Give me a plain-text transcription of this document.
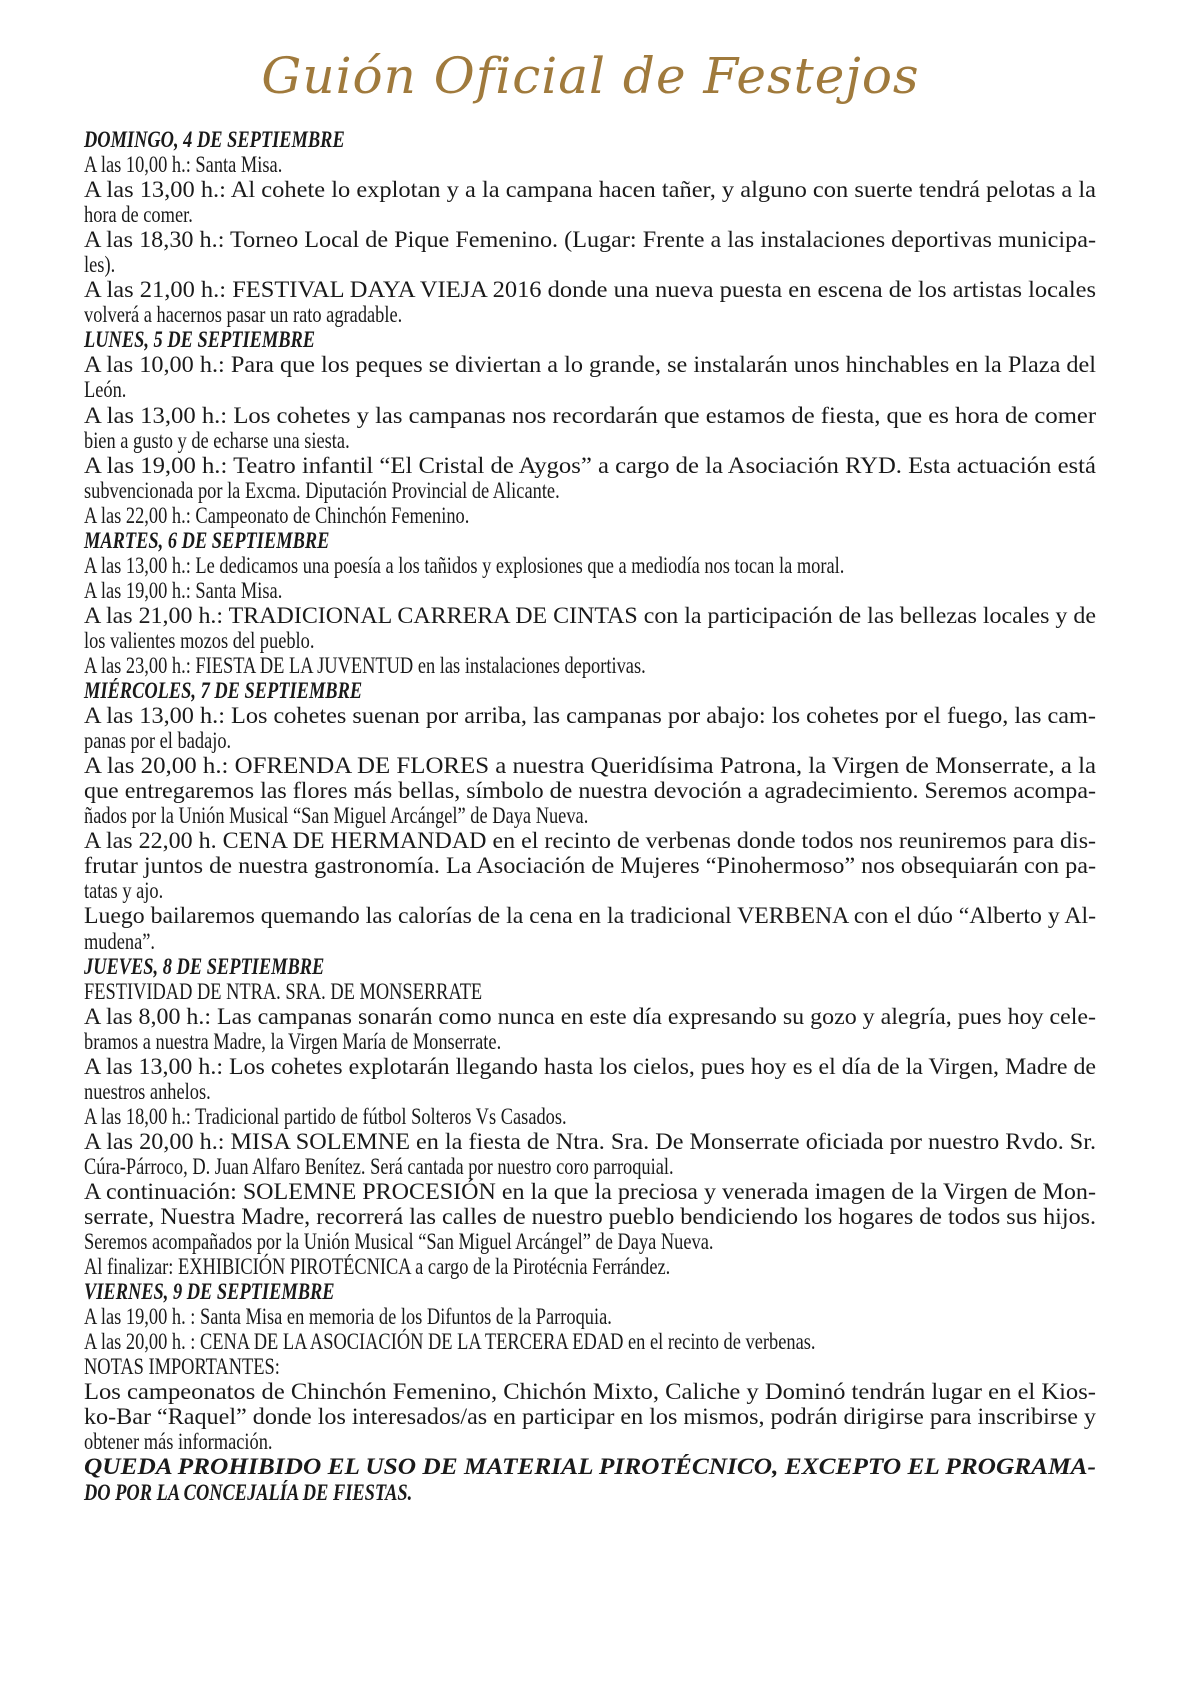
Guión Oficial de Festejos
DOMINGO, 4 DE SEPTIEMBRE
A las 10,00 h.: Santa Misa.
A las 13,00 h.: Al cohete lo explotan y a la campana hacen tañer, y alguno con suerte tendrá pelotas a la
hora de comer.
A las 18,30 h.: Torneo Local de Pique Femenino. (Lugar: Frente a las instalaciones deportivas municipa-
les).
A las 21,00 h.: FESTIVAL DAYA VIEJA 2016 donde una nueva puesta en escena de los artistas locales
volverá a hacernos pasar un rato agradable.
LUNES, 5 DE SEPTIEMBRE
A las 10,00 h.: Para que los peques se diviertan a lo grande, se instalarán unos hinchables en la Plaza del
León.
A las 13,00 h.: Los cohetes y las campanas nos recordarán que estamos de fiesta, que es hora de comer
bien a gusto y de echarse una siesta.
A las 19,00 h.: Teatro infantil “El Cristal de Aygos” a cargo de la Asociación RYD. Esta actuación está
subvencionada por la Excma. Diputación Provincial de Alicante.
A las 22,00 h.: Campeonato de Chinchón Femenino.
MARTES, 6 DE SEPTIEMBRE
A las 13,00 h.: Le dedicamos una poesía a los tañidos y explosiones que a mediodía nos tocan la moral.
A las 19,00 h.: Santa Misa.
A las 21,00 h.: TRADICIONAL CARRERA DE CINTAS con la participación de las bellezas locales y de
los valientes mozos del pueblo.
A las 23,00 h.: FIESTA DE LA JUVENTUD en las instalaciones deportivas.
MIÉRCOLES, 7 DE SEPTIEMBRE
A las 13,00 h.: Los cohetes suenan por arriba, las campanas por abajo: los cohetes por el fuego, las cam-
panas por el badajo.
A las 20,00 h.: OFRENDA DE FLORES a nuestra Queridísima Patrona, la Virgen de Monserrate, a la
que entregaremos las flores más bellas, símbolo de nuestra devoción a agradecimiento. Seremos acompa-
ñados por la Unión Musical “San Miguel Arcángel” de Daya Nueva.
A las 22,00 h. CENA DE HERMANDAD en el recinto de verbenas donde todos nos reuniremos para dis-
frutar juntos de nuestra gastronomía. La Asociación de Mujeres “Pinohermoso” nos obsequiarán con pa-
tatas y ajo.
Luego bailaremos quemando las calorías de la cena en la tradicional VERBENA con el dúo “Alberto y Al-
mudena”.
JUEVES, 8 DE SEPTIEMBRE
FESTIVIDAD DE NTRA. SRA. DE MONSERRATE
A las 8,00 h.: Las campanas sonarán como nunca en este día expresando su gozo y alegría, pues hoy cele-
bramos a nuestra Madre, la Virgen María de Monserrate.
A las 13,00 h.: Los cohetes explotarán llegando hasta los cielos, pues hoy es el día de la Virgen, Madre de
nuestros anhelos.
A las 18,00 h.: Tradicional partido de fútbol Solteros Vs Casados.
A las 20,00 h.: MISA SOLEMNE en la fiesta de Ntra. Sra. De Monserrate oficiada por nuestro Rvdo. Sr.
Cúra-Párroco, D. Juan Alfaro Benítez. Será cantada por nuestro coro parroquial.
A continuación: SOLEMNE PROCESIÓN en la que la preciosa y venerada imagen de la Virgen de Mon-
serrate, Nuestra Madre, recorrerá las calles de nuestro pueblo bendiciendo los hogares de todos sus hijos.
Seremos acompañados por la Unión Musical “San Miguel Arcángel” de Daya Nueva.
Al finalizar: EXHIBICIÓN PIROTÉCNICA a cargo de la Pirotécnia Ferrández.
VIERNES, 9 DE SEPTIEMBRE
A las 19,00 h. : Santa Misa en memoria de los Difuntos de la Parroquia.
A las 20,00 h. : CENA DE LA ASOCIACIÓN DE LA TERCERA EDAD en el recinto de verbenas.
NOTAS IMPORTANTES:
Los campeonatos de Chinchón Femenino, Chichón Mixto, Caliche y Dominó tendrán lugar en el Kios-
ko-Bar “Raquel” donde los interesados/as en participar en los mismos, podrán dirigirse para inscribirse y
obtener más información.
QUEDA PROHIBIDO EL USO DE MATERIAL PIROTÉCNICO, EXCEPTO EL PROGRAMA-
DO POR LA CONCEJALÍA DE FIESTAS.
